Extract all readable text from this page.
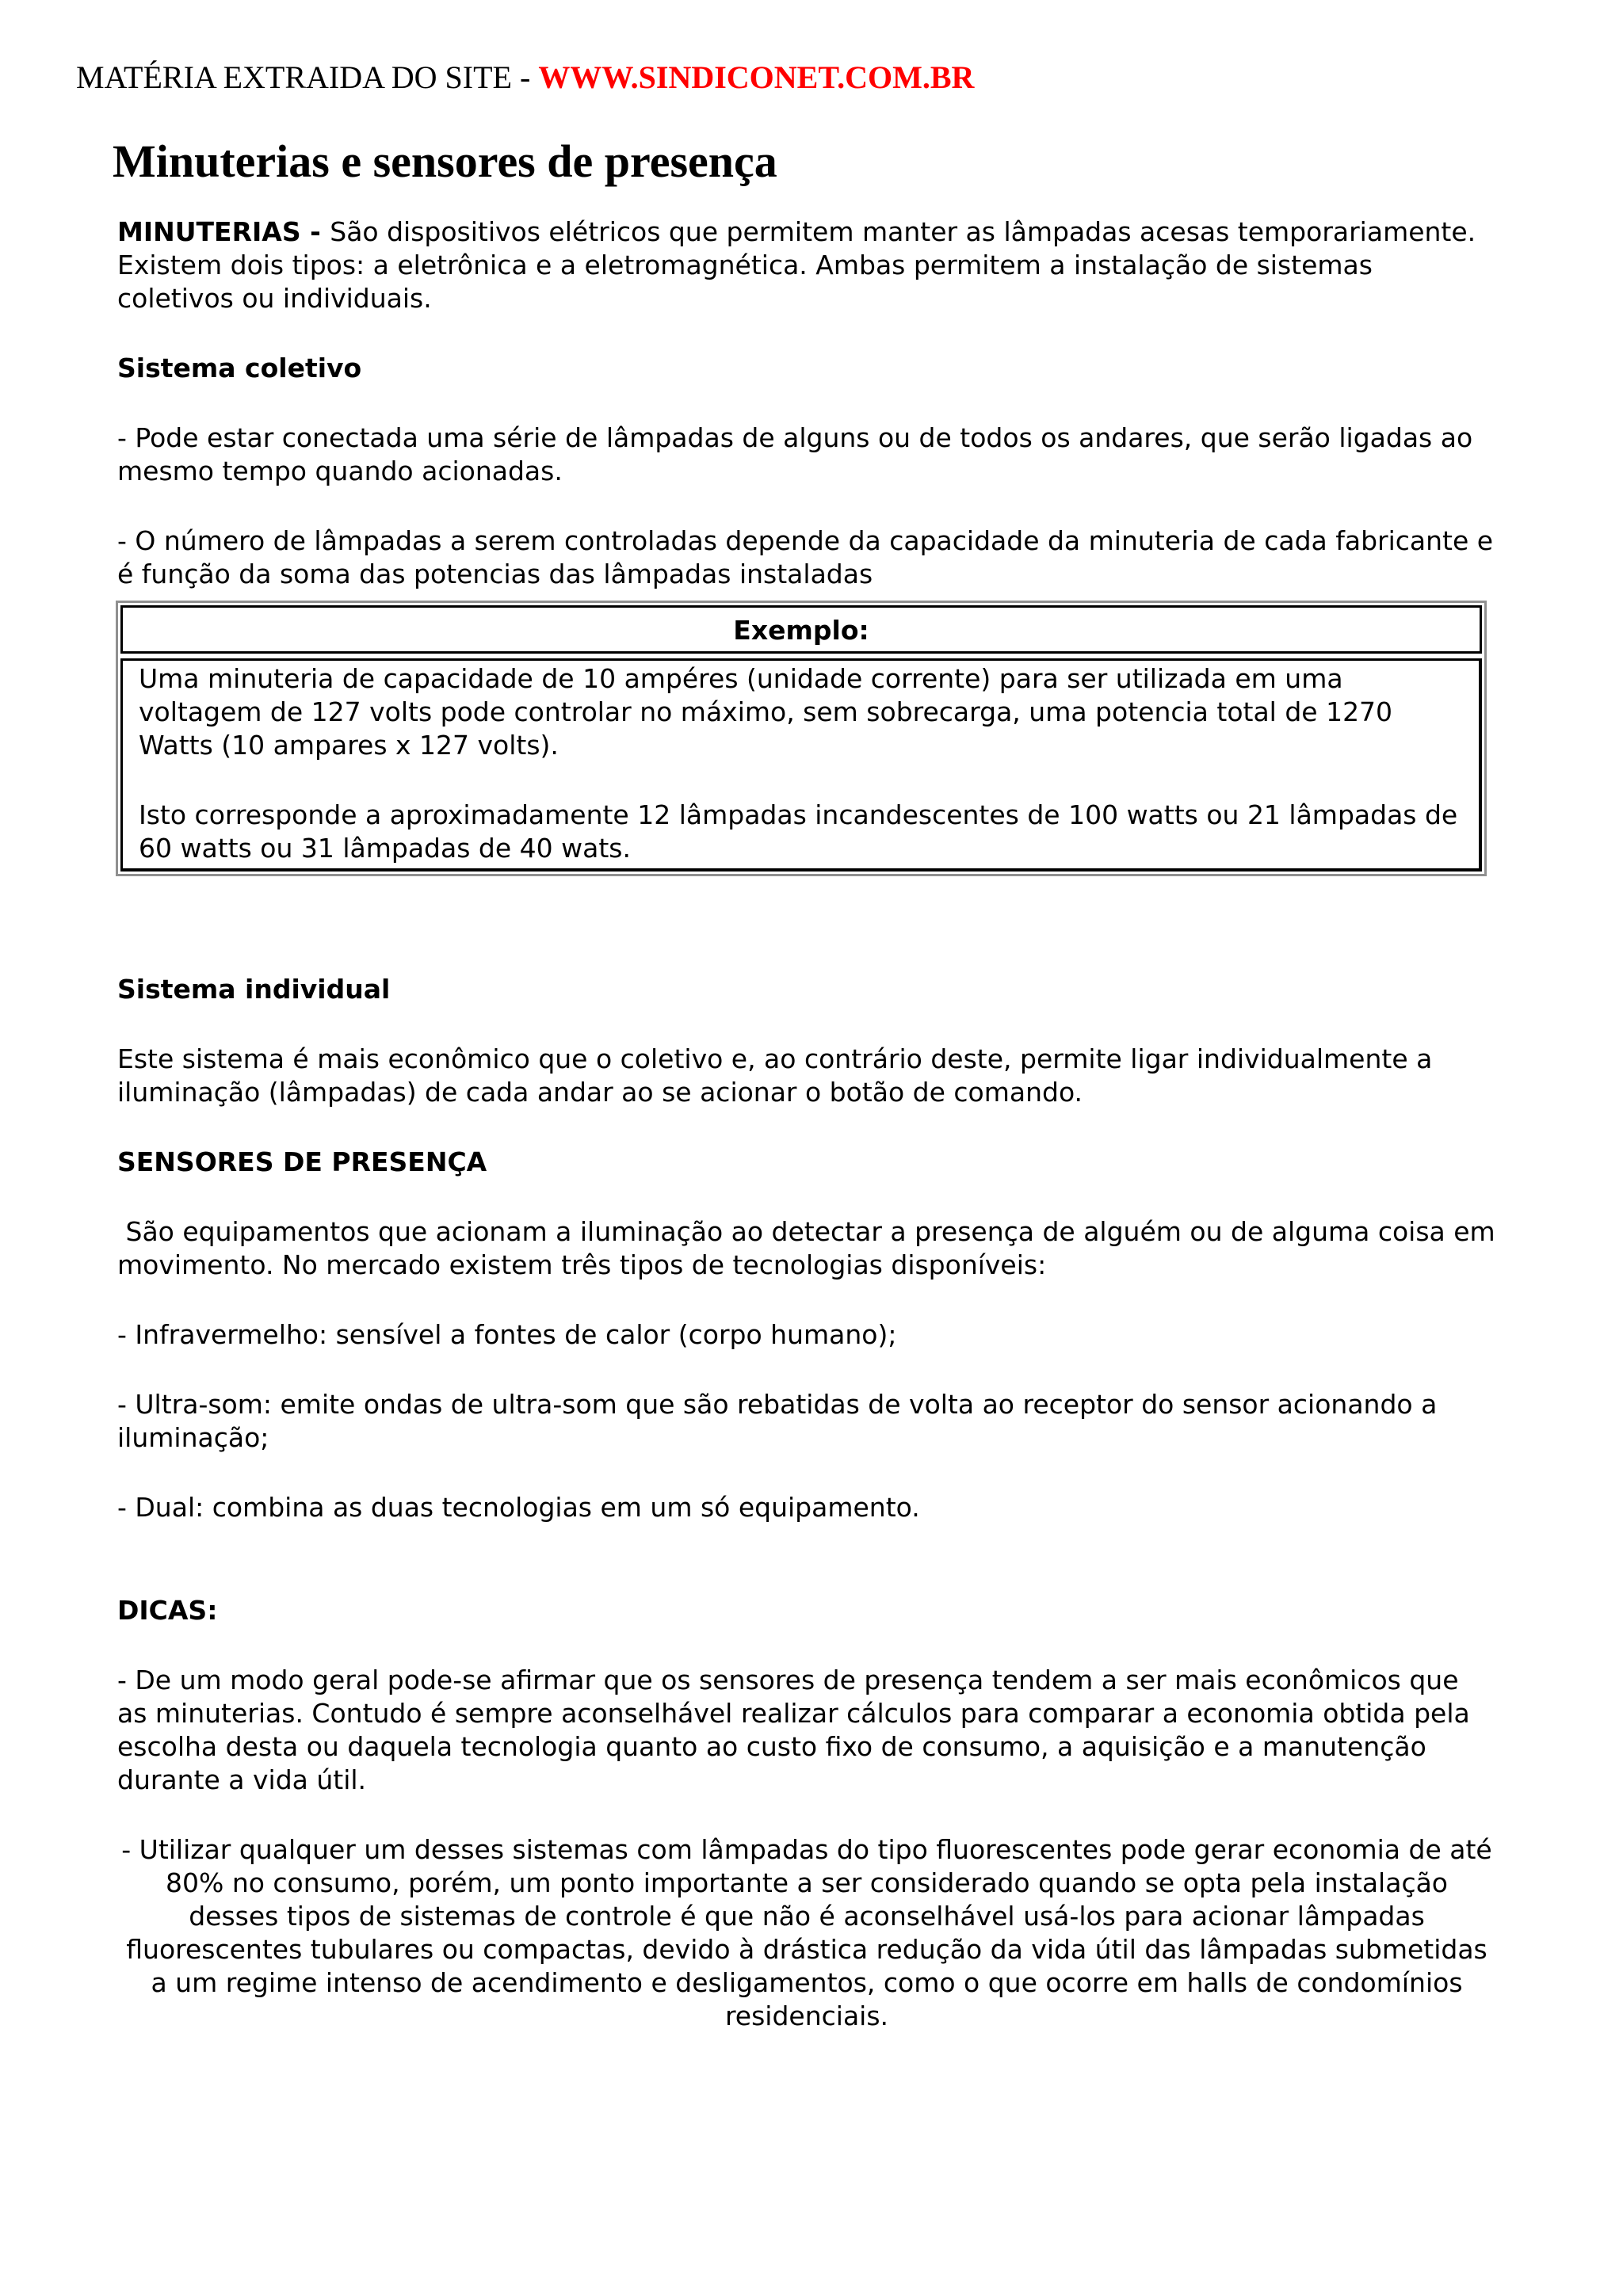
MATÉRIA EXTRAIDA DO SITE - WWW.SINDICONET.COM.BR
Minuterias e sensores de presença

MINUTERIAS - São dispositivos elétricos que permitem manter as lâmpadas acesas temporariamente. Existem dois tipos: a eletrônica e a eletromagnética. Ambas permitem a instalação de sistemas coletivos ou individuais.

Sistema coletivo

- Pode estar conectada uma série de lâmpadas de alguns ou de todos os andares, que serão ligadas ao mesmo tempo quando acionadas.

- O número de lâmpadas a serem controladas depende da capacidade da minuteria de cada fabricante e é função da soma das potencias das lâmpadas instaladas

Exemplo:

Uma minuteria de capacidade de 10 ampéres (unidade corrente) para ser utilizada em uma voltagem de 127 volts pode controlar no máximo, sem sobrecarga, uma potencia total de 1270 Watts (10 ampares x 127 volts).

Isto corresponde a aproximadamente 12 lâmpadas incandescentes de 100 watts ou 21 lâmpadas de 60 watts ou 31 lâmpadas de 40 wats.

Sistema individual

Este sistema é mais econômico que o coletivo e, ao contrário deste, permite ligar individualmente a iluminação (lâmpadas) de cada andar ao se acionar o botão de comando.

SENSORES DE PRESENÇA

São equipamentos que acionam a iluminação ao detectar a presença de alguém ou de alguma coisa em movimento. No mercado existem três tipos de tecnologias disponíveis:

- Infravermelho: sensível a fontes de calor (corpo humano);

- Ultra-som: emite ondas de ultra-som que são rebatidas de volta ao receptor do sensor acionando a iluminação;

- Dual: combina as duas tecnologias em um só equipamento.

DICAS:

- De um modo geral pode-se afirmar que os sensores de presença tendem a ser mais econômicos que as minuterias. Contudo é sempre aconselhável realizar cálculos para comparar a economia obtida pela escolha desta ou daquela tecnologia quanto ao custo fixo de consumo, a aquisição e a manutenção durante a vida útil.

- Utilizar qualquer um desses sistemas com lâmpadas do tipo fluorescentes pode gerar economia de até 80% no consumo, porém, um ponto importante a ser considerado quando se opta pela instalação desses tipos de sistemas de controle é que não é aconselhável usá-los para acionar lâmpadas fluorescentes tubulares ou compactas, devido à drástica redução da vida útil das lâmpadas submetidas a um regime intenso de acendimento e desligamentos, como o que ocorre em halls de condomínios residenciais.
